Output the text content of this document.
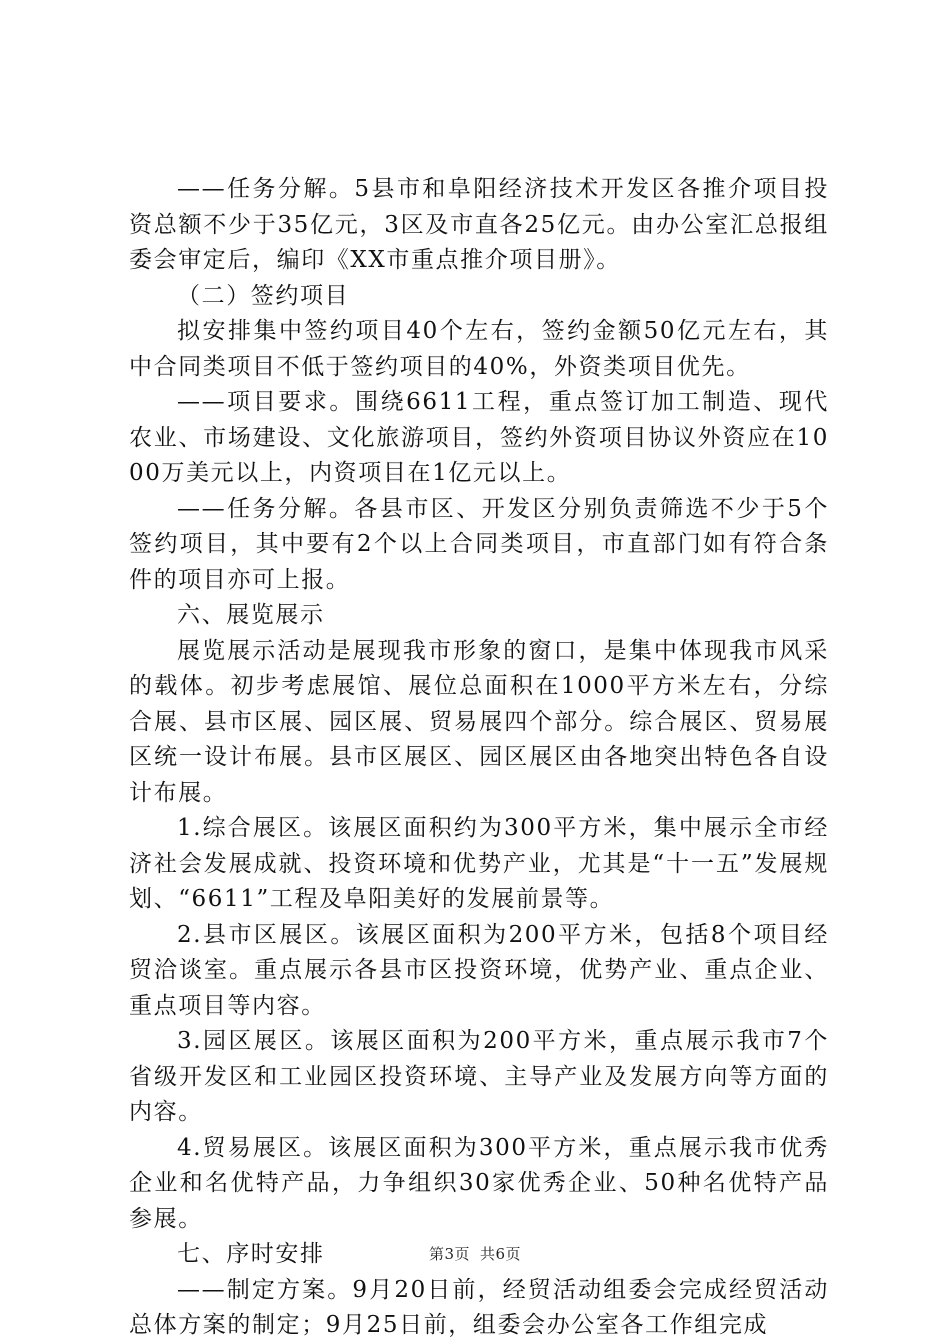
——任务分解。5县市和阜阳经济技术开发区各推介项目投资总额不少于35亿元，3区及市直各25亿元。由办公室汇总报组委会审定后，编印《XX市重点推介项目册》。

（二）签约项目

拟安排集中签约项目40个左右，签约金额50亿元左右，其中合同类项目不低于签约项目的40%，外资类项目优先。

——项目要求。围绕6611工程，重点签订加工制造、现代农业、市场建设、文化旅游项目，签约外资项目协议外资应在1000万美元以上，内资项目在1亿元以上。

——任务分解。各县市区、开发区分别负责筛选不少于5个签约项目，其中要有2个以上合同类项目，市直部门如有符合条件的项目亦可上报。

六、展览展示

展览展示活动是展现我市形象的窗口，是集中体现我市风采的载体。初步考虑展馆、展位总面积在1000平方米左右，分综合展、县市区展、园区展、贸易展四个部分。综合展区、贸易展区统一设计布展。县市区展区、园区展区由各地突出特色各自设计布展。

1.综合展区。该展区面积约为300平方米，集中展示全市经济社会发展成就、投资环境和优势产业，尤其是“十一五”发展规划、“6611”工程及阜阳美好的发展前景等。

2.县市区展区。该展区面积为200平方米，包括8个项目经贸洽谈室。重点展示各县市区投资环境，优势产业、重点企业、重点项目等内容。

3.园区展区。该展区面积为200平方米，重点展示我市7个省级开发区和工业园区投资环境、主导产业及发展方向等方面的内容。

4.贸易展区。该展区面积为300平方米，重点展示我市优秀企业和名优特产品，力争组织30家优秀企业、50种名优特产品参展。

七、序时安排

——制定方案。9月20日前，经贸活动组委会完成经贸活动总体方案的制定；9月25日前，组委会办公室各工作组完成

第3页 共6页
